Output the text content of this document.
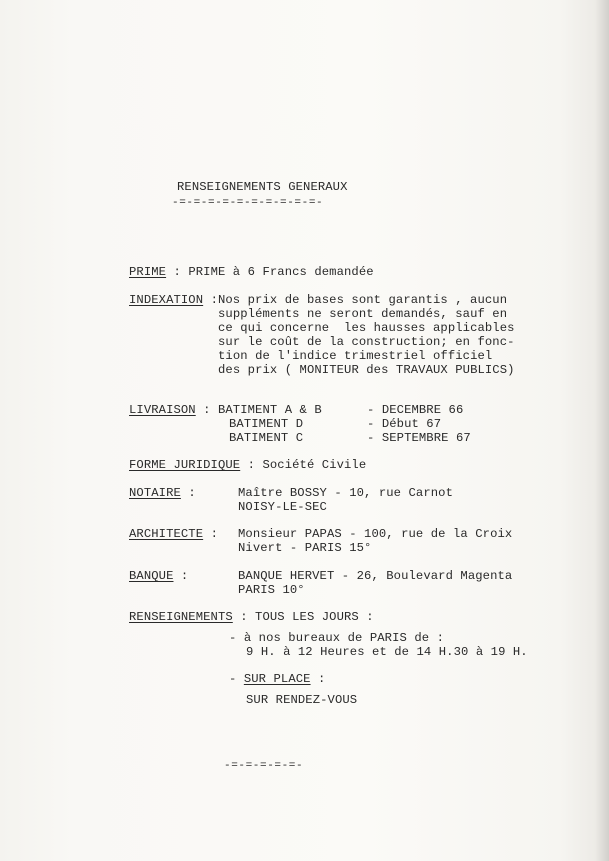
RENSEIGNEMENTS GENERAUX
-=-=-=-=-=-=-=-=-=-=-
PRIME : PRIME à 6 Francs demandée
INDEXATION :Nos prix de bases sont garantis , aucun
suppléments ne seront demandés, sauf en
ce qui concerne  les hausses applicables
sur le coût de la construction; en fonc-
tion de l'indice trimestriel officiel
des prix ( MONITEUR des TRAVAUX PUBLICS)
LIVRAISON : BATIMENT A & B	- DECEMBRE 66
BATIMENT D	- Début 67
BATIMENT C	- SEPTEMBRE 67
FORME JURIDIQUE : Société Civile
NOTAIRE :	Maître BOSSY - 10, rue Carnot
NOISY-LE-SEC
ARCHITECTE : Monsieur PAPAS - 100, rue de la Croix
Nivert - PARIS 15°
BANQUE :	BANQUE HERVET - 26, Boulevard Magenta
PARIS 10°
RENSEIGNEMENTS : TOUS LES JOURS :
- à nos bureaux de PARIS de :
9 H. à 12 Heures et de 14 H.30 à 19 H.
- SUR PLACE :
SUR RENDEZ-VOUS
-=-=-=-=-=-
